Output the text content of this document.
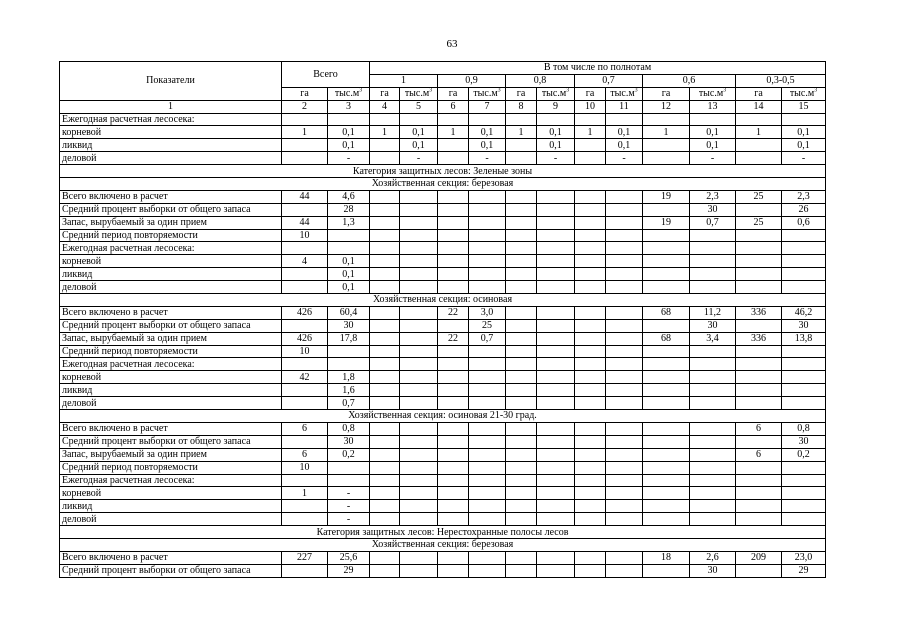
63
Показатели	Всего		В том числе по полнотам											
			1		0,9		0,8		0,7		0,6		0,3-0,5	
	га	$тыс.м^3$	га	$тыс.м^3$	га	$тыс.м^3$	га	$тыс.м^3$	га	$тыс.м^3$	га	$тыс.м^3$	га	$тыс.м^3$
1	2	3	4	5	6	7	8	9	10	11	12	13	14	15
Ежегодная расчетная лесосека:														
корневой	1	0,1	1	0,1	1	0,1	1	0,1	1	0,1	1	0,1	1	0,1
ликвид		0,1		0,1		0,1		0,1		0,1		0,1		0,1
деловой		-		-		-		-		-		-		-
Категория защитных лесов: Зеленые зоны														
Хозяйственная секция: березовая														
Всего включено в расчет	44	4,6									19	2,3	25	2,3
Средний процент выборки от общего запаса		28										30		26
Запас, вырубаемый за один прием	44	1,3									19	0,7	25	0,6
Средний период повторяемости	10													
Ежегодная расчетная лесосека:														
корневой	4	0,1												
ликвид		0,1												
деловой		0,1												
Хозяйственная секция: осиновая														
Всего включено в расчет	426	60,4			22	3,0					68	11,2	336	46,2
Средний процент выборки от общего запаса		30				25						30		30
Запас, вырубаемый за один прием	426	17,8			22	0,7					68	3,4	336	13,8
Средний период повторяемости	10													
Ежегодная расчетная лесосека:														
корневой	42	1,8												
ликвид		1,6												
деловой		0,7												
Хозяйственная секция: осиновая 21-30 град.														
Всего включено в расчет	6	0,8											6	0,8
Средний процент выборки от общего запаса		30												30
Запас, вырубаемый за один прием	6	0,2											6	0,2
Средний период повторяемости	10													
Ежегодная расчетная лесосека:														
корневой	1	-												
ликвид		-												
деловой		-												
Категория защитных лесов: Нерестохранные полосы лесов														
Хозяйственная секция: березовая														
Всего включено в расчет	227	25,6									18	2,6	209	23,0
Средний процент выборки от общего запаса		29										30		29
